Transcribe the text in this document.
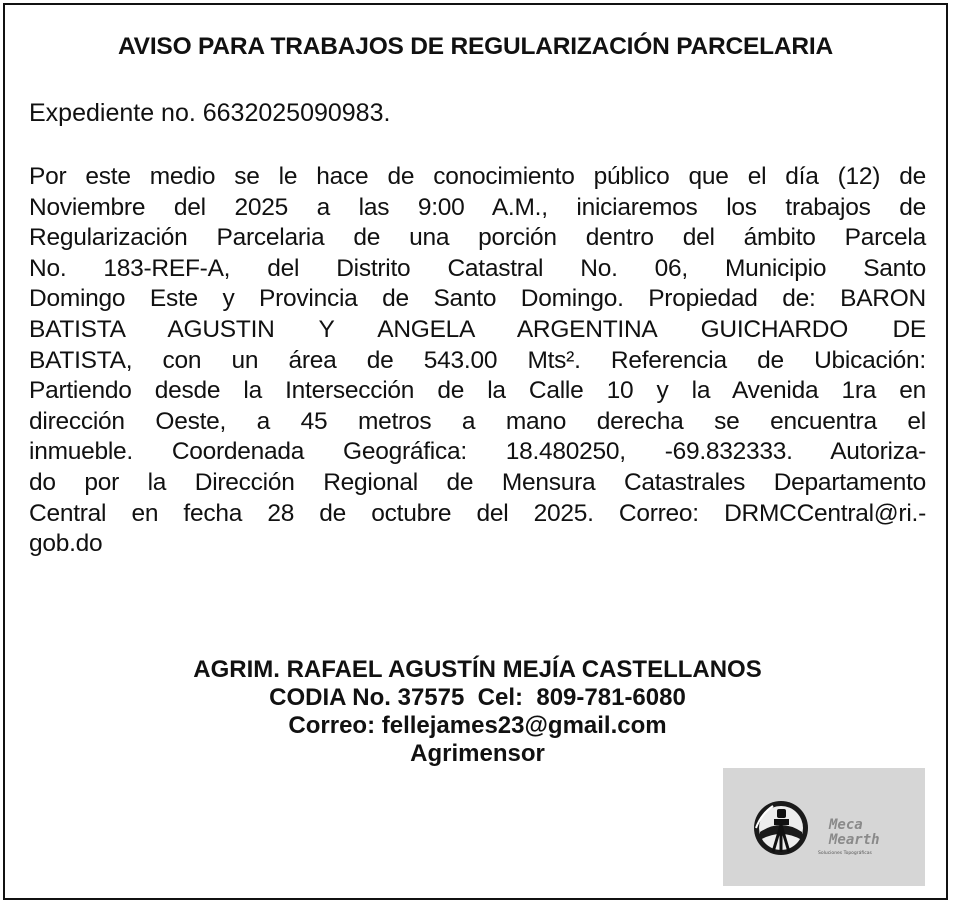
AVISO PARA TRABAJOS DE REGULARIZACIÓN PARCELARIA
Expediente no. 6632025090983.
Por este medio se le hace de conocimiento público que el día (12) de
Noviembre del 2025 a las 9:00 A.M., iniciaremos los trabajos de
Regularización Parcelaria de una porción dentro del ámbito Parcela
No. 183-REF-A, del Distrito Catastral No. 06, Municipio Santo
Domingo Este y Provincia de Santo Domingo. Propiedad de: BARON
BATISTA AGUSTIN Y ANGELA ARGENTINA GUICHARDO DE
BATISTA, con un área de 543.00 Mts². Referencia de Ubicación:
Partiendo desde la Intersección de la Calle 10 y la Avenida 1ra en
dirección Oeste, a 45 metros a mano derecha se encuentra el
inmueble. Coordenada Geográfica: 18.480250, -69.832333. Autoriza-
do por la Dirección Regional de Mensura Catastrales Departamento
Central en fecha 28 de octubre del 2025. Correo: DRMCCentral@ri.-
gob.do
AGRIM. RAFAEL AGUSTÍN MEJÍA CASTELLANOS
CODIA No. 37575  Cel:  809-781-6080
Correo: fellejames23@gmail.com
Agrimensor
Meca
Mearth
Soluciones Topográficas
